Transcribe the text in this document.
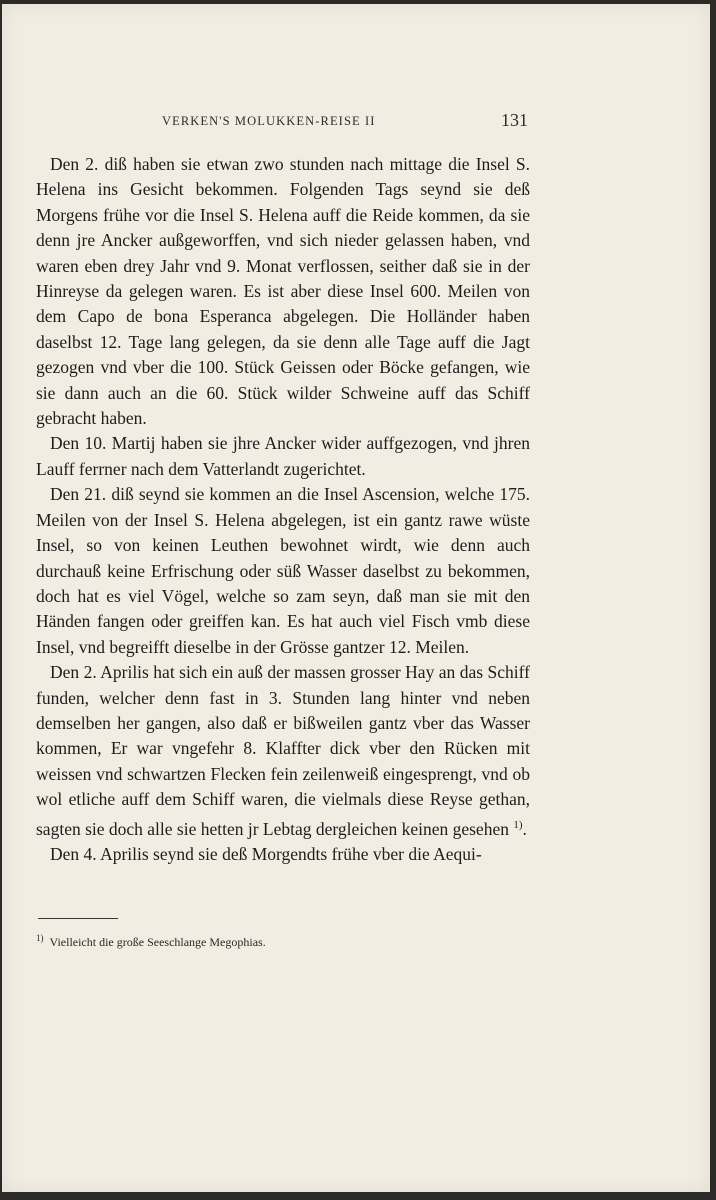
VERKEN'S MOLUKKEN-REISE II	131

Den 2. diß haben sie etwan zwo stunden nach mittage die Insel S. Helena ins Gesicht bekommen. Folgenden Tags seynd sie deß Morgens frühe vor die Insel S. Helena auff die Reide kommen, da sie denn jre Ancker außgeworffen, vnd sich nieder gelassen haben, vnd waren eben drey Jahr vnd 9. Monat verflossen, seither daß sie in der Hinreyse da gelegen waren. Es ist aber diese Insel 600. Meilen von dem Capo de bona Esperanca abgelegen. Die Holländer haben daselbst 12. Tage lang gelegen, da sie denn alle Tage auff die Jagt gezogen vnd vber die 100. Stück Geissen oder Böcke gefangen, wie sie dann auch an die 60. Stück wilder Schweine auff das Schiff gebracht haben.

Den 10. Martij haben sie jhre Ancker wider auffgezogen, vnd jhren Lauff ferrner nach dem Vatterlandt zugerichtet.

Den 21. diß seynd sie kommen an die Insel Ascension, welche 175. Meilen von der Insel S. Helena abgelegen, ist ein gantz rawe wüste Insel, so von keinen Leuthen bewohnet wirdt, wie denn auch durchauß keine Erfrischung oder süß Wasser daselbst zu bekommen, doch hat es viel Vögel, welche so zam seyn, daß man sie mit den Händen fangen oder greiffen kan. Es hat auch viel Fisch vmb diese Insel, vnd begreifft dieselbe in der Grösse gantzer 12. Meilen.

Den 2. Aprilis hat sich ein auß der massen grosser Hay an das Schiff funden, welcher denn fast in 3. Stunden lang hinter vnd neben demselben her gangen, also daß er bißweilen gantz vber das Wasser kommen, Er war vngefehr 8. Klaffter dick vber den Rücken mit weissen vnd schwartzen Flecken fein zeilenweiß eingesprengt, vnd ob wol etliche auff dem Schiff waren, die vielmals diese Reyse gethan, sagten sie doch alle sie hetten jr Lebtag dergleichen keinen gesehen $^{1)}$.

Den 4. Aprilis seynd sie deß Morgendts frühe vber die Aequi-

$^{1)}$ Vielleicht die große Seeschlange Megophias.
